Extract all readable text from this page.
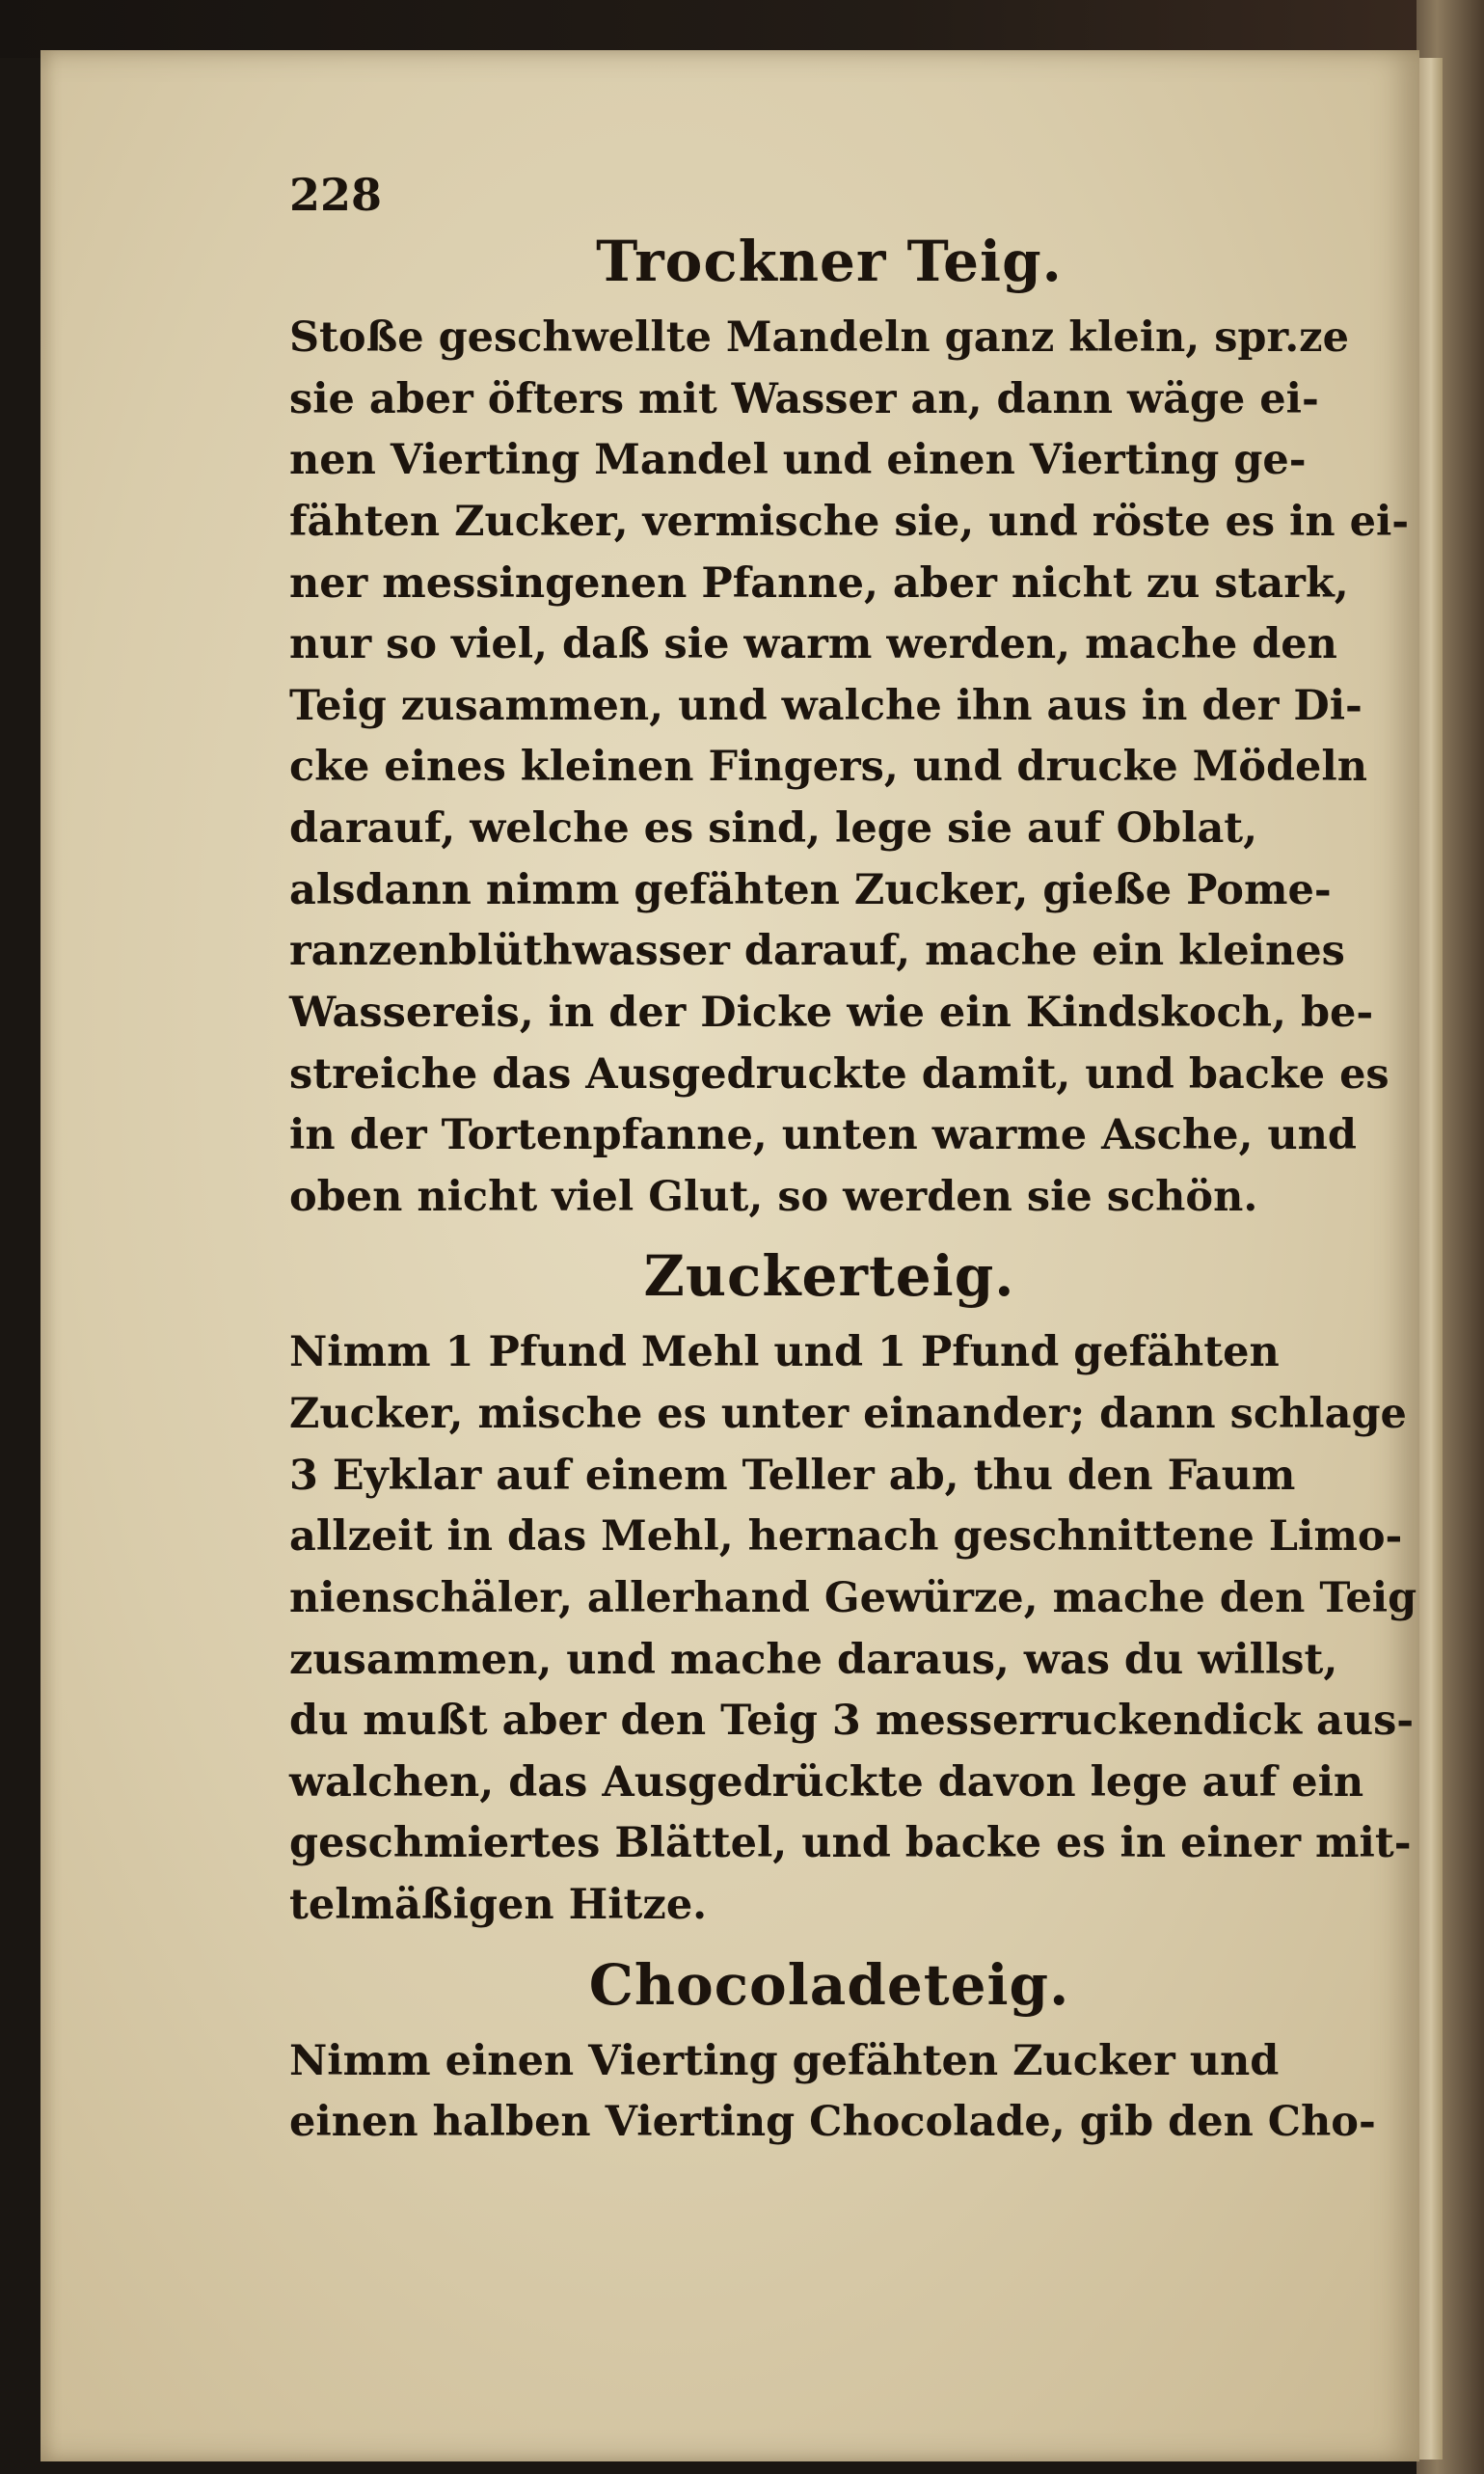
228
Trockner Teig.
Stoße geschwellte Mandeln ganz klein, spr.ze
sie aber öfters mit Wasser an, dann wäge ei-
nen Vierting Mandel und einen Vierting ge-
fähten Zucker, vermische sie, und röste es in ei-
ner messingenen Pfanne, aber nicht zu stark,
nur so viel, daß sie warm werden, mache den
Teig zusammen, und walche ihn aus in der Di-
cke eines kleinen Fingers, und drucke Mödeln
darauf, welche es sind, lege sie auf Oblat,
alsdann nimm gefähten Zucker, gieße Pome-
ranzenblüthwasser darauf, mache ein kleines
Wassereis, in der Dicke wie ein Kindskoch, be-
streiche das Ausgedruckte damit, und backe es
in der Tortenpfanne, unten warme Asche, und
oben nicht viel Glut, so werden sie schön.
Zuckerteig.
Nimm 1 Pfund Mehl und 1 Pfund gefähten
Zucker, mische es unter einander; dann schlage
3 Eyklar auf einem Teller ab, thu den Faum
allzeit in das Mehl, hernach geschnittene Limo-
nienschäler, allerhand Gewürze, mache den Teig
zusammen, und mache daraus, was du willst,
du mußt aber den Teig 3 messerruckendick aus-
walchen, das Ausgedrückte davon lege auf ein
geschmiertes Blättel, und backe es in einer mit-
telmäßigen Hitze.
Chocoladeteig.
Nimm einen Vierting gefähten Zucker und
einen halben Vierting Chocolade, gib den Cho-
